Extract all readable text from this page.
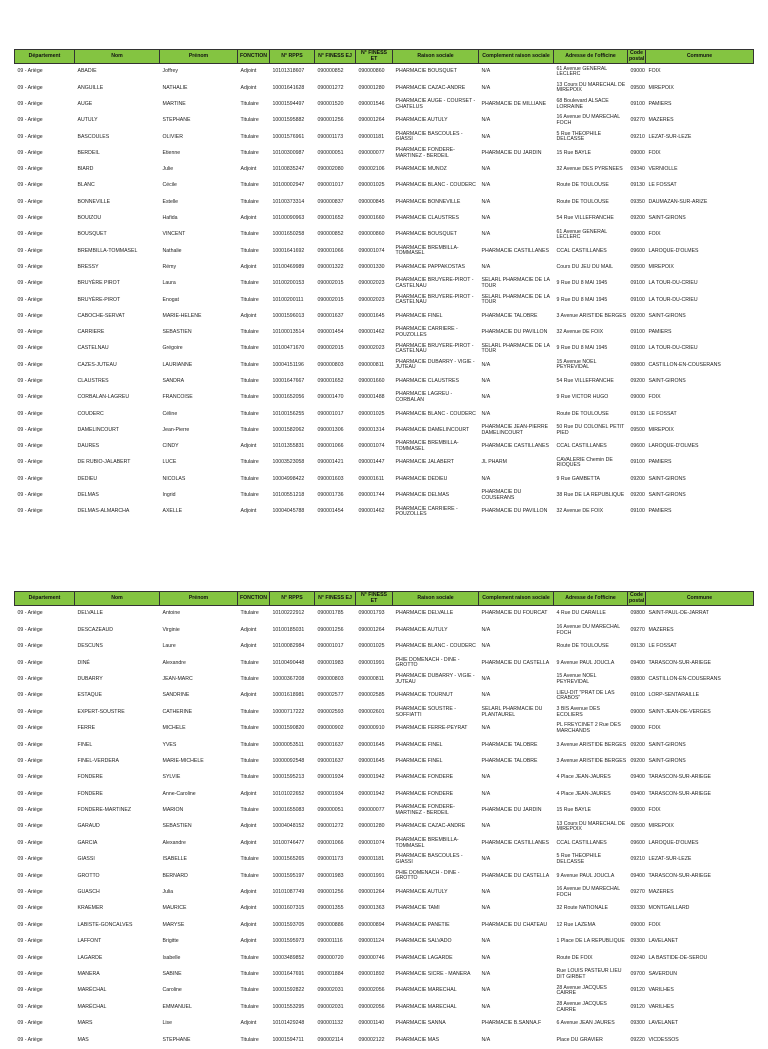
Département	Nom	Prénom	FONCTION	N° RPPS	N° FINESS EJ	N° FINESS ET	Raison sociale	Complement raison sociale	Adresse de l'officine	Code postal	Commune
09 - Ariège	ABADIE	Joffrey	Adjoint	10101318607	090000852	090000860	PHARMACIE BOUSQUET	N/A	61 Avenue GENERAL LECLERC	09000	FOIX
09 - Ariège	ANGUILLE	NATHALIE	Adjoint	10001641628	090001272	090001280	PHARMACIE CAZAC-ANDRE	N/A	13 Cours DU MARECHAL DE MIREPOIX	09500	MIREPOIX
09 - Ariège	AUGE	MARTINE	Titulaire	10001594497	090001520	090001546	PHARMACIE AUGE - COURSET - CHATELUS	PHARMACIE DE MILLIANE	68 Boulevard ALSACE LORRAINE	09100	PAMIERS
09 - Ariège	AUTULY	STEPHANE	Titulaire	10001595882	090001256	090001264	PHARMACIE AUTULY	N/A	16 Avenue DU MARECHAL FOCH	09270	MAZERES
09 - Ariège	BASCOULES	OLIVIER	Titulaire	10001576961	090001173	090001181	PHARMACIE BASCOULES - GIASSI	N/A	5 Rue THEOPHILE DELCASSE	09210	LEZAT-SUR-LEZE
09 - Ariège	BERDEIL	Etienne	Titulaire	10100300987	090000051	090000077	PHARMACIE FONDERE-MARTINEZ - BERDEIL	PHARMACIE DU JARDIN	15 Rue BAYLE	09000	FOIX
09 - Ariège	BIARD	Julie	Adjoint	10100835247	090002080	090002106	PHARMACIE MUNOZ	N/A	32 Avenue DES PYRENEES	09340	VERNIOLLE
09 - Ariège	BLANC	Cécile	Titulaire	10100002947	090001017	090001025	PHARMACIE BLANC - COUDERC	N/A	Route DE TOULOUSE	09130	LE FOSSAT
09 - Ariège	BONNEVILLE	Estelle	Titulaire	10100373314	090000837	090000845	PHARMACIE BONNEVILLE	N/A	Route DE TOULOUSE	09350	DAUMAZAN-SUR-ARIZE
09 - Ariège	BOUIZOU	Hafida	Adjoint	10100090963	090001652	090001660	PHARMACIE CLAUSTRES	N/A	54 Rue VILLEFRANCHE	09200	SAINT-GIRONS
09 - Ariège	BOUSQUET	VINCENT	Titulaire	10001650258	090000852	090000860	PHARMACIE BOUSQUET	N/A	61 Avenue GENERAL LECLERC	09000	FOIX
09 - Ariège	BREMBILLA-TOMMASEL	Nathalie	Titulaire	10001641692	090001066	090001074	PHARMACIE BREMBILLA-TOMMASEL	PHARMACIE CASTILLANES	CCAL CASTILLANES	09600	LAROQUE-D'OLMES
09 - Ariège	BRESSY	Rémy	Adjoint	10100469989	090001322	090001330	PHARMACIE PAPPAKOSTAS	N/A	Cours DU JEU DU MAIL	09500	MIREPOIX
09 - Ariège	BRUYÈRE PIROT	Laura	Titulaire	10100200153	090002015	090002023	PHARMACIE BRUYERE-PIROT - CASTELNAU	SELARL PHARMACIE DE LA TOUR	9 Rue DU 8 MAI 1945	09100	LA TOUR-DU-CRIEU
09 - Ariège	BRUYÈRE-PIROT	Enogat	Titulaire	10100200111	090002015	090002023	PHARMACIE BRUYERE-PIROT - CASTELNAU	SELARL PHARMACIE DE LA TOUR	9 Rue DU 8 MAI 1945	09100	LA TOUR-DU-CRIEU
09 - Ariège	CABOCHE-SERVAT	MARIE-HELENE	Adjoint	10001596013	090001637	090001645	PHARMACIE FINEL	PHARMACIE TALOBRE	3 Avenue ARISTIDE BERGES	09200	SAINT-GIRONS
09 - Ariège	CARRIERE	SEBASTIEN	Titulaire	10100013514	090001454	090001462	PHARMACIE CARRIERE - POUZOLLES	PHARMACIE DU PAVILLON	32 Avenue DE FOIX	09100	PAMIERS
09 - Ariège	CASTELNAU	Grégoire	Titulaire	10100471670	090002015	090002023	PHARMACIE BRUYERE-PIROT - CASTELNAU	SELARL PHARMACIE DE LA TOUR	9 Rue DU 8 MAI 1945	09100	LA TOUR-DU-CRIEU
09 - Ariège	CAZES-JUTEAU	LAURIANNE	Titulaire	10004151196	090000803	090000811	PHARMACIE DUBARRY - VIGIE - JUTEAU	N/A	15 Avenue NOEL PEYREVIDAL	09800	CASTILLON-EN-COUSERANS
09 - Ariège	CLAUSTRES	SANDRA	Titulaire	10001647667	090001652	090001660	PHARMACIE CLAUSTRES	N/A	54 Rue VILLEFRANCHE	09200	SAINT-GIRONS
09 - Ariège	CORBALAN-LAGREU	FRANCOISE	Titulaire	10001652056	090001470	090001488	PHARMACIE LAGREU - CORBALAN	N/A	9 Rue VICTOR HUGO	09000	FOIX
09 - Ariège	COUDERC	Céline	Titulaire	10100156255	090001017	090001025	PHARMACIE BLANC - COUDERC	N/A	Route DE TOULOUSE	09130	LE FOSSAT
09 - Ariège	DAMELINCOURT	Jean-Pierre	Titulaire	10001582062	090001306	090001314	PHARMACIE DAMELINCOURT	PHARMACIE JEAN-PIERRE DAMELINCOURT	50 Rue DU COLONEL PETIT PIED	09500	MIREPOIX
09 - Ariège	DAURES	CINDY	Adjoint	10101355831	090001066	090001074	PHARMACIE BREMBILLA-TOMMASEL	PHARMACIE CASTILLANES	CCAL CASTILLANES	09600	LAROQUE-D'OLMES
09 - Ariège	DE RUBIO-JALABERT	LUCE	Titulaire	10003523058	090001421	090001447	PHARMACIE JALABERT	JL PHARM	CAVALERIE Chemin DE RIOQUES	09100	PAMIERS
09 - Ariège	DEDIEU	NICOLAS	Titulaire	10004998422	090001603	090001611	PHARMACIE DEDIEU	N/A	9 Rue GAMBETTA	09200	SAINT-GIRONS
09 - Ariège	DELMAS	Ingrid	Titulaire	10100551218	090001736	090001744	PHARMACIE DELMAS	PHARMACIE DU COUSERANS	38 Rue DE LA REPUBLIQUE	09200	SAINT-GIRONS
09 - Ariège	DELMAS-ALMARCHA	AXELLE	Adjoint	10004045788	090001454	090001462	PHARMACIE CARRIERE - POUZOLLES	PHARMACIE DU PAVILLON	32 Avenue DE FOIX	09100	PAMIERS
Département	Nom	Prénom	FONCTION	N° RPPS	N° FINESS EJ	N° FINESS ET	Raison sociale	Complement raison sociale	Adresse de l'officine	Code postal	Commune
09 - Ariège	DELVALLE	Antoine	Titulaire	10100222912	090001785	090001793	PHARMACIE DELVALLE	PHARMACIE DU FOURCAT	4 Rue DU CARAILLE	09800	SAINT-PAUL-DE-JARRAT
09 - Ariège	DESCAZEAUD	Virginie	Adjoint	10100185031	090001256	090001264	PHARMACIE AUTULY	N/A	16 Avenue DU MARECHAL FOCH	09270	MAZERES
09 - Ariège	DESCUNS	Laure	Adjoint	10100082984	090001017	090001025	PHARMACIE BLANC - COUDERC	N/A	Route DE TOULOUSE	09130	LE FOSSAT
09 - Ariège	DINÉ	Alexandre	Titulaire	10100490448	090001983	090001991	PHIE DOMENACH - DINE - GROTTO	PHARMACIE DU CASTELLA	9 Avenue PAUL JOUCLA	09400	TARASCON-SUR-ARIEGE
09 - Ariège	DUBARRY	JEAN-MARC	Titulaire	10000367208	090000803	090000811	PHARMACIE DUBARRY - VIGIE - JUTEAU	N/A	15 Avenue NOEL PEYREVIDAL	09800	CASTILLON-EN-COUSERANS
09 - Ariège	ESTAQUE	SANDRINE	Adjoint	10001618981	090002577	090002585	PHARMACIE TOURNUT	N/A	LIEU-DIT "PRAT DE LAS CRABOS"	09100	LORP-SENTARAILLE
09 - Ariège	EXPERT-SOUSTRE	CATHERINE	Titulaire	10000717222	090002593	090002601	PHARMACIE SOUSTRE - SOFFIATTI	SELARL PHARMACIE DU PLANTAUREL	3 BIS Avenue DES ECOLIERS	09000	SAINT-JEAN-DE-VERGES
09 - Ariège	FERRE	MICHELE	Titulaire	10001590820	090000902	090000910	PHARMACIE FERRE-PEYRAT	N/A	PL FREYCINET 2 Rue DES MARCHANDS	09000	FOIX
09 - Ariège	FINEL	YVES	Titulaire	10000053511	090001637	090001645	PHARMACIE FINEL	PHARMACIE TALOBRE	3 Avenue ARISTIDE BERGES	09200	SAINT-GIRONS
09 - Ariège	FINEL-VERDERA	MARIE-MICHELE	Titulaire	10000092548	090001637	090001645	PHARMACIE FINEL	PHARMACIE TALOBRE	3 Avenue ARISTIDE BERGES	09200	SAINT-GIRONS
09 - Ariège	FONDERE	SYLVIE	Titulaire	10001595213	090001934	090001942	PHARMACIE FONDERE	N/A	4 Place JEAN-JAURES	09400	TARASCON-SUR-ARIEGE
09 - Ariège	FONDERE	Anne-Caroline	Adjoint	10101022652	090001934	090001942	PHARMACIE FONDERE	N/A	4 Place JEAN-JAURES	09400	TARASCON-SUR-ARIEGE
09 - Ariège	FONDERE-MARTINEZ	MARION	Titulaire	10001655083	090000051	090000077	PHARMACIE FONDERE-MARTINEZ - BERDEIL	PHARMACIE DU JARDIN	15 Rue BAYLE	09000	FOIX
09 - Ariège	GARAUD	SEBASTIEN	Adjoint	10004048152	090001272	090001280	PHARMACIE CAZAC-ANDRE	N/A	13 Cours DU MARECHAL DE MIREPOIX	09500	MIREPOIX
09 - Ariège	GARCIA	Alexandre	Adjoint	10100746477	090001066	090001074	PHARMACIE BREMBILLA-TOMMASEL	PHARMACIE CASTILLANES	CCAL CASTILLANES	09600	LAROQUE-D'OLMES
09 - Ariège	GIASSI	ISABELLE	Titulaire	10001565265	090001173	090001181	PHARMACIE BASCOULES - GIASSI	N/A	5 Rue THEOPHILE DELCASSE	09210	LEZAT-SUR-LEZE
09 - Ariège	GROTTO	BERNARD	Titulaire	10001595197	090001983	090001991	PHIE DOMENACH - DINE - GROTTO	PHARMACIE DU CASTELLA	9 Avenue PAUL JOUCLA	09400	TARASCON-SUR-ARIEGE
09 - Ariège	GUASCH	Julia	Adjoint	10101087749	090001256	090001264	PHARMACIE AUTULY	N/A	16 Avenue DU MARECHAL FOCH	09270	MAZERES
09 - Ariège	KRAEMER	MAURICE	Adjoint	10001607315	090001355	090001363	PHARMACIE TAMI	N/A	32 Route NATIONALE	09330	MONTGAILLARD
09 - Ariège	LABISTE-GONCALVES	MARYSE	Adjoint	10001593705	090000886	090000894	PHARMACIE PANETIE	PHARMACIE DU CHATEAU	12 Rue LAZEMA	09000	FOIX
09 - Ariège	LAFFONT	Brigitte	Adjoint	10001595973	090001116	090001124	PHARMACIE SALVADO	N/A	1 Place DE LA REPUBLIQUE	09300	LAVELANET
09 - Ariège	LAGARDE	Isabelle	Titulaire	10003489852	090000720	090000746	PHARMACIE LAGARDE	N/A	Route DE FOIX	09240	LA BASTIDE-DE-SEROU
09 - Ariège	MANERA	SABINE	Titulaire	10001647691	090001884	090001892	PHARMACIE SICRE - MANERA	N/A	Rue LOUIS PASTEUR LIEU DIT GIRBET	09700	SAVERDUN
09 - Ariège	MARÉCHAL	Caroline	Titulaire	10001592822	090002031	090002056	PHARMACIE MARECHAL	N/A	28 Avenue JACQUES CAIRRE	09120	VARILHES
09 - Ariège	MARÉCHAL	EMMANUEL	Titulaire	10001553295	090002031	090002056	PHARMACIE MARECHAL	N/A	28 Avenue JACQUES CAIRRE	09120	VARILHES
09 - Ariège	MARS	Lise	Adjoint	10101429248	090001132	090001140	PHARMACIE SANNA	PHARMACIE B.SANNA.F	6 Avenue JEAN JAURES	09300	LAVELANET
09 - Ariège	MAS	STEPHANE	Titulaire	10001594711	090002114	090002122	PHARMACIE MAS	N/A	Place DU GRAVIER	09220	VICDESSOS
